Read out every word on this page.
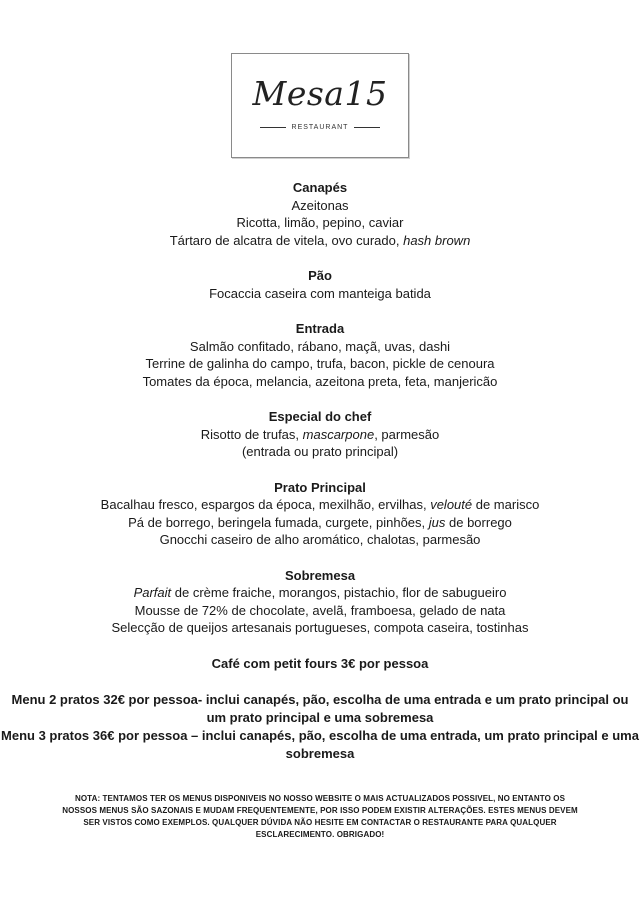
Mesa15
RESTAURANT
Canapés
Azeitonas
Ricotta, limão, pepino, caviar
Tártaro de alcatra de vitela, ovo curado, hash brown
Pão
Focaccia caseira com manteiga batida
Entrada
Salmão confitado, rábano, maçã, uvas, dashi
Terrine de galinha do campo, trufa, bacon, pickle de cenoura
Tomates da época, melancia, azeitona preta, feta, manjericão
Especial do chef
Risotto de trufas, mascarpone, parmesão
(entrada ou prato principal)
Prato Principal
Bacalhau fresco, espargos da época, mexilhão, ervilhas, velouté de marisco
Pá de borrego, beringela fumada, curgete, pinhões, jus de borrego
Gnocchi caseiro de alho aromático, chalotas, parmesão
Sobremesa
Parfait de crème fraiche, morangos, pistachio, flor de sabugueiro
Mousse de 72% de chocolate, avelã, framboesa, gelado de nata
Selecção de queijos artesanais portugueses, compota caseira, tostinhas
Café com petit fours 3€ por pessoa
Menu 2 pratos 32€ por pessoa- inclui canapés, pão, escolha de uma entrada e um prato principal ou um prato principal e uma sobremesa
Menu 3 pratos 36€ por pessoa – inclui canapés, pão, escolha de uma entrada, um prato principal e uma sobremesa
NOTA: TENTAMOS TER OS MENUS DISPONIVEIS NO NOSSO WEBSITE O MAIS ACTUALIZADOS POSSIVEL, NO ENTANTO OS NOSSOS MENUS SÃO SAZONAIS E MUDAM FREQUENTEMENTE, POR ISSO PODEM EXISTIR ALTERAÇÕES. ESTES MENUS DEVEM SER VISTOS COMO EXEMPLOS. QUALQUER DÚVIDA NÃO HESITE EM CONTACTAR O RESTAURANTE PARA QUALQUER ESCLARECIMENTO. OBRIGADO!
